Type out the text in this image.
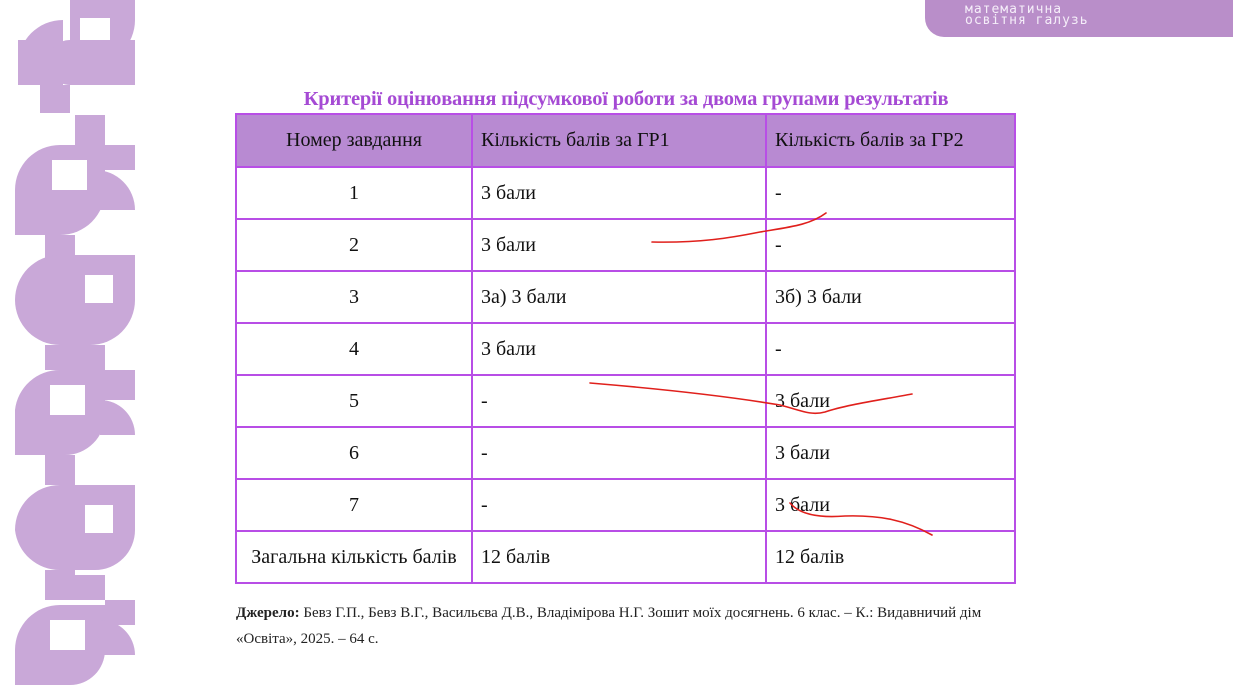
математична
освітня галузь
Критерії оцінювання підсумкової роботи за двома групами результатів
Номер завдання	Кількість балів за ГР1	Кількість балів за ГР2
1	3 бали	-
2	3 бали	-
3	3а) 3 бали	3б) 3 бали
4	3 бали	-
5	-	3 бали
6	-	3 бали
7	-	3 бали
Загальна кількість балів	12 балів	12 балів
Джерело: Бевз Г.П., Бевз В.Г., Васильєва Д.В., Владімірова Н.Г. Зошит моїх досягнень. 6 клас. – К.: Видавничий дім «Освіта», 2025. – 64 с.
